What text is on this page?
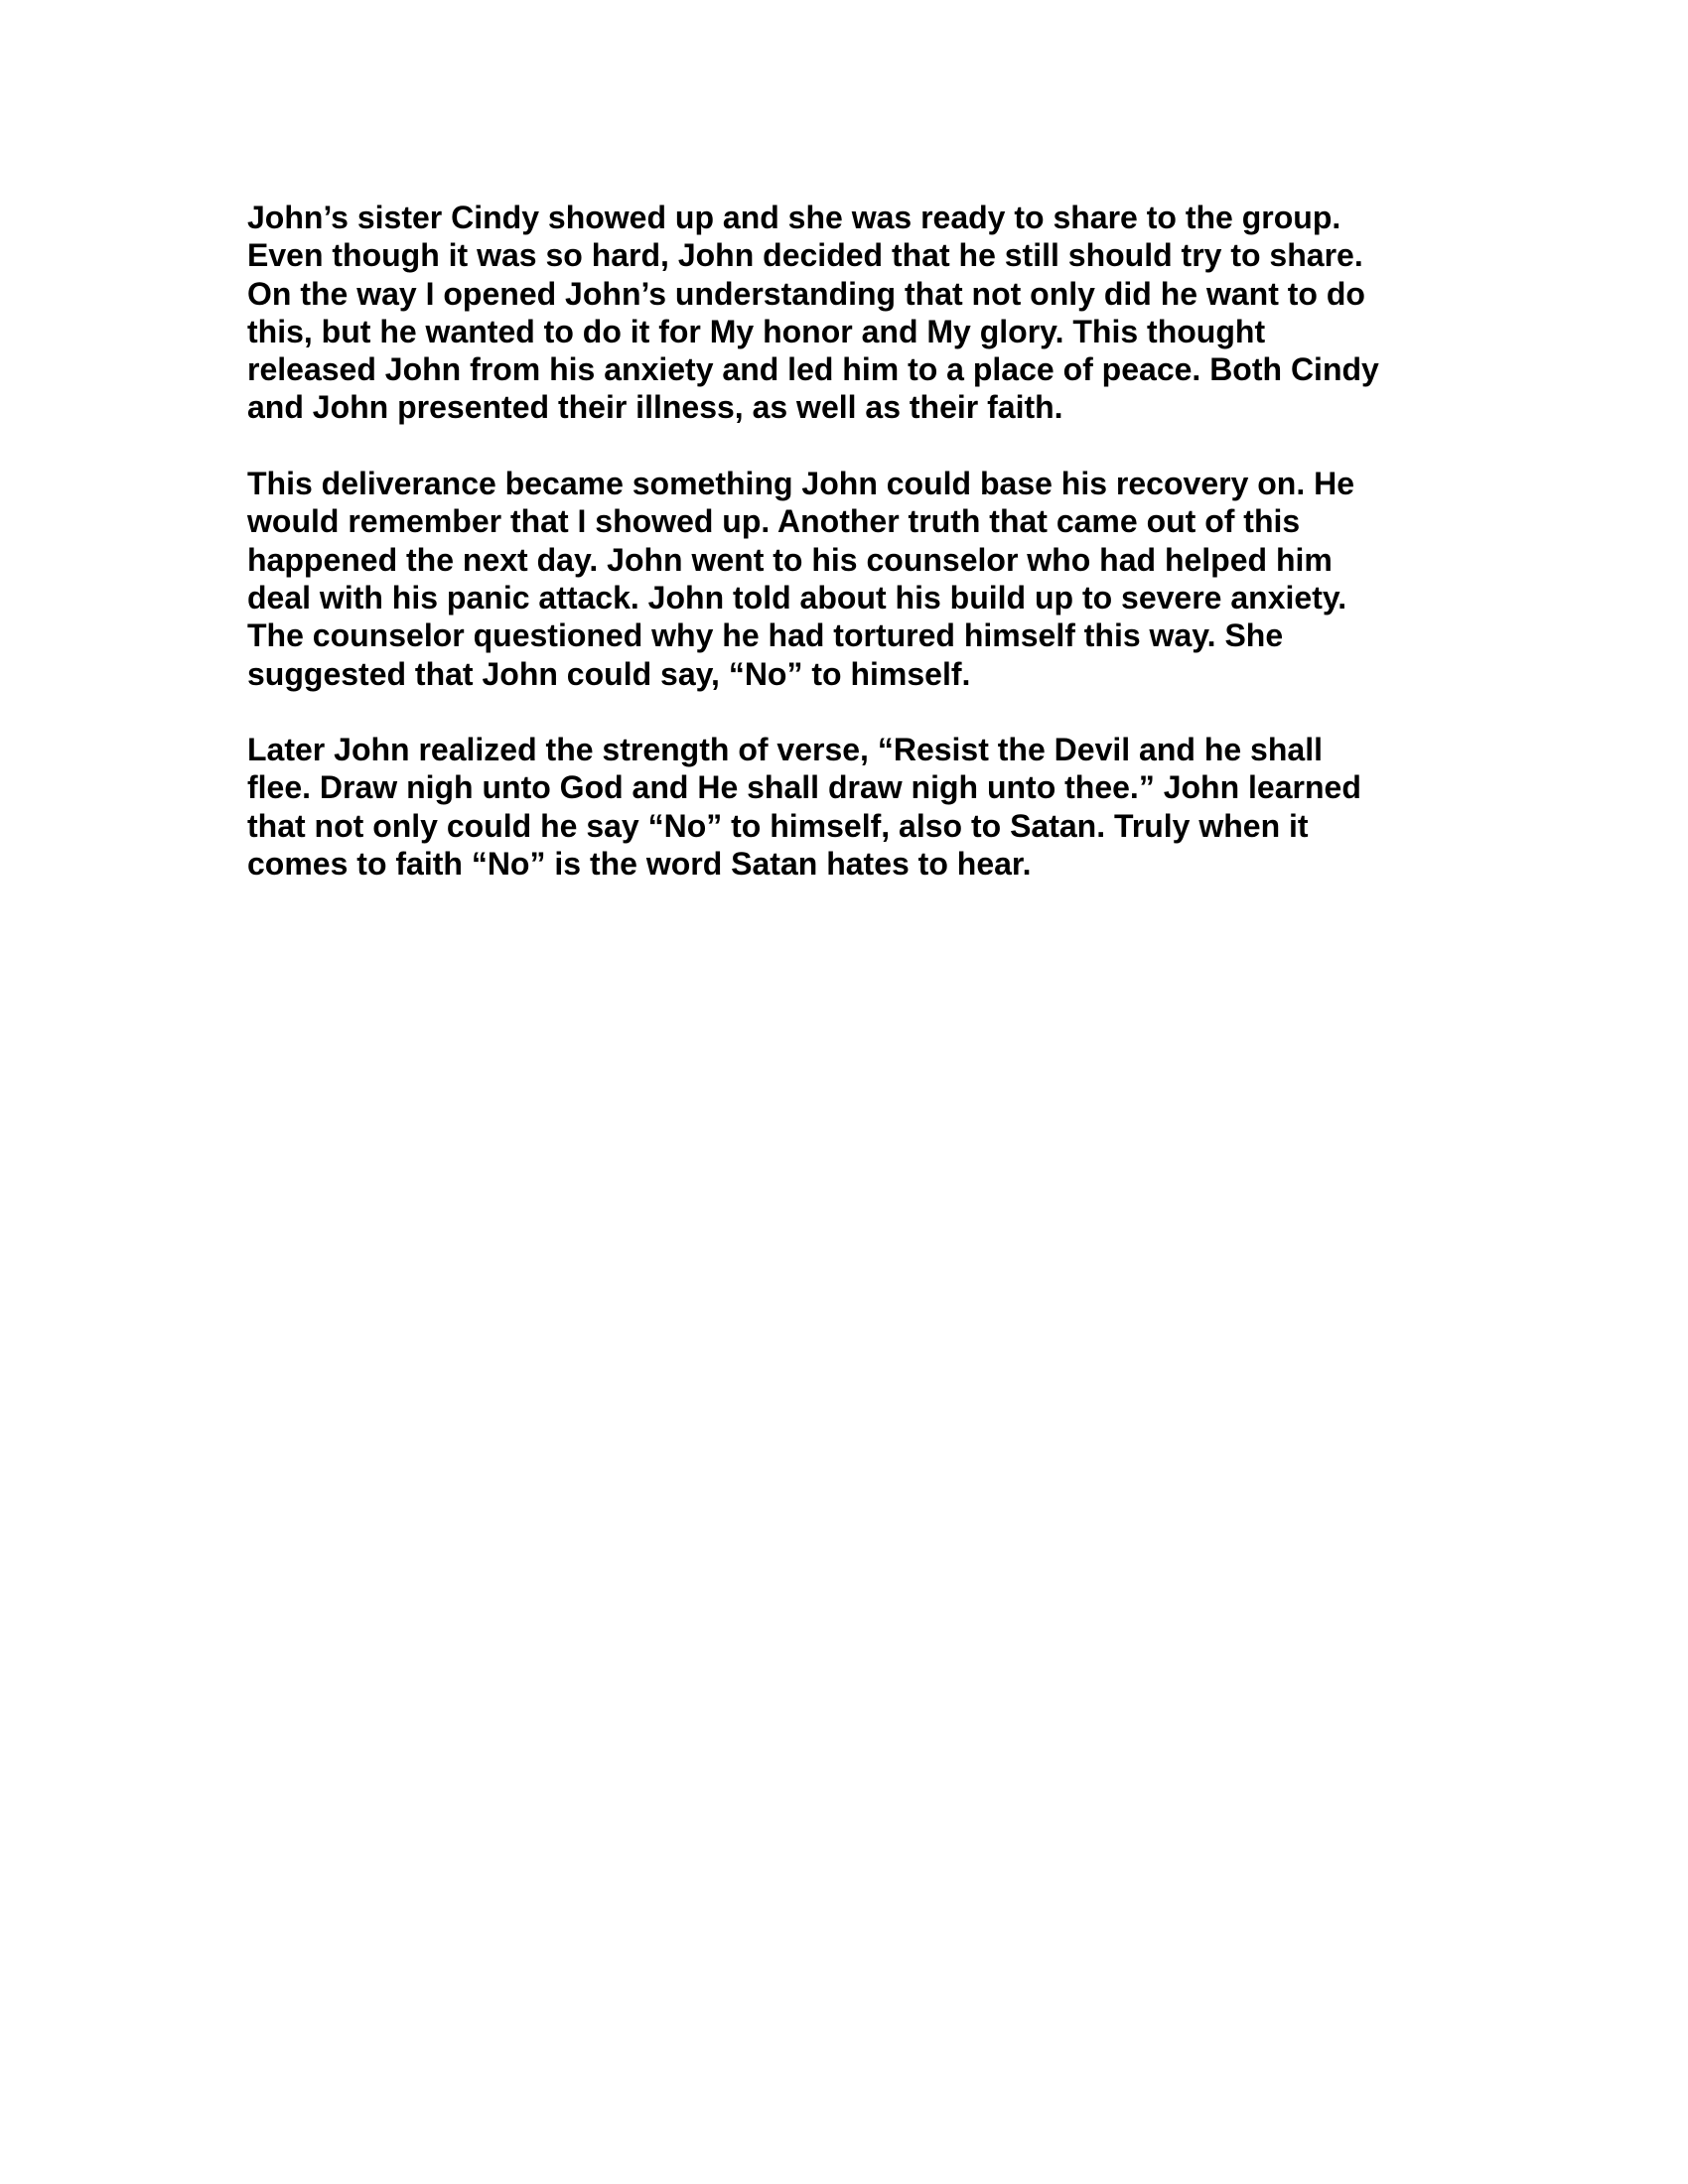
John’s sister Cindy showed up and she was ready to share to the group.
Even though it was so hard, John decided that he still should try to share.
On the way I opened John’s understanding that not only did he want to do
this, but he wanted to do it for My honor and My glory. This thought
released John from his anxiety and led him to a place of peace. Both Cindy
and John presented their illness, as well as their faith.

This deliverance became something John could base his recovery on. He
would remember that I showed up. Another truth that came out of this
happened the next day. John went to his counselor who had helped him
deal with his panic attack. John told about his build up to severe anxiety.
The counselor questioned why he had tortured himself this way. She
suggested that John could say, “No” to himself.

Later John realized the strength of verse, “Resist the Devil and he shall
flee. Draw nigh unto God and He shall draw nigh unto thee.” John learned
that not only could he say “No” to himself, also to Satan. Truly when it
comes to faith “No” is the word Satan hates to hear.
